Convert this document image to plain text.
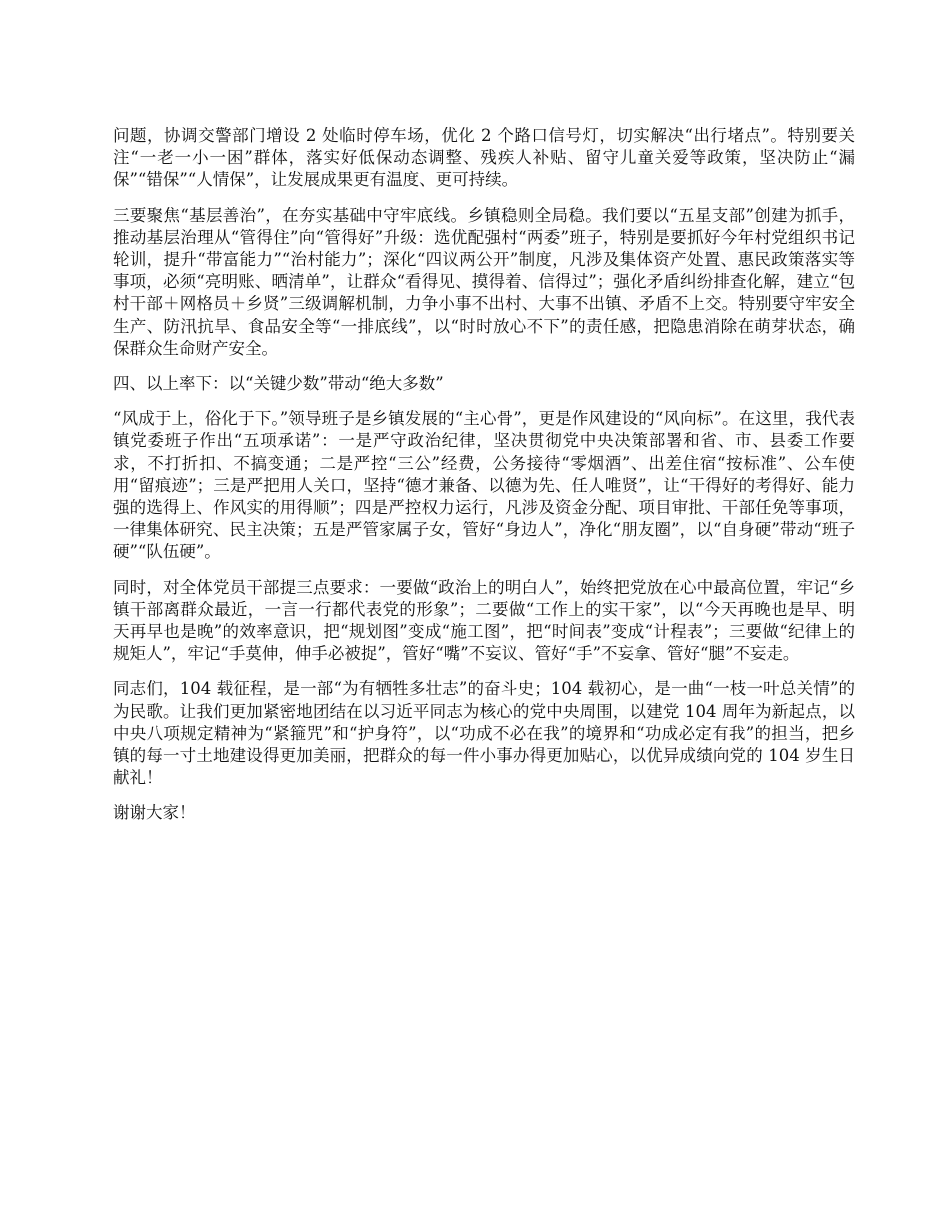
问题，协调交警部门增设 2 处临时停车场，优化 2 个路口信号灯，切实解决“出行堵点”。特别要关注“一老一小一困”群体，落实好低保动态调整、残疾人补贴、留守儿童关爱等政策，坚决防止“漏保”“错保”“人情保”，让发展成果更有温度、更可持续。

三要聚焦“基层善治”，在夯实基础中守牢底线。乡镇稳则全局稳。我们要以“五星支部”创建为抓手，推动基层治理从“管得住”向“管得好”升级：选优配强村“两委”班子，特别是要抓好今年村党组织书记轮训，提升“带富能力”“治村能力”；深化“四议两公开”制度，凡涉及集体资产处置、惠民政策落实等事项，必须“亮明账、晒清单”，让群众“看得见、摸得着、信得过”；强化矛盾纠纷排查化解，建立“包村干部＋网格员＋乡贤”三级调解机制，力争小事不出村、大事不出镇、矛盾不上交。特别要守牢安全生产、防汛抗旱、食品安全等“一排底线”，以“时时放心不下”的责任感，把隐患消除在萌芽状态，确保群众生命财产安全。

四、以上率下：以“关键少数”带动“绝大多数”

“风成于上，俗化于下。”领导班子是乡镇发展的“主心骨”，更是作风建设的“风向标”。在这里，我代表镇党委班子作出“五项承诺”：一是严守政治纪律，坚决贯彻党中央决策部署和省、市、县委工作要求，不打折扣、不搞变通；二是严控“三公”经费，公务接待“零烟酒”、出差住宿“按标准”、公车使用“留痕迹”；三是严把用人关口，坚持“德才兼备、以德为先、任人唯贤”，让“干得好的考得好、能力强的选得上、作风实的用得顺”；四是严控权力运行，凡涉及资金分配、项目审批、干部任免等事项，一律集体研究、民主决策；五是严管家属子女，管好“身边人”，净化“朋友圈”，以“自身硬”带动“班子硬”“队伍硬”。

同时，对全体党员干部提三点要求：一要做“政治上的明白人”，始终把党放在心中最高位置，牢记“乡镇干部离群众最近，一言一行都代表党的形象”；二要做“工作上的实干家”，以“今天再晚也是早、明天再早也是晚”的效率意识，把“规划图”变成“施工图”，把“时间表”变成“计程表”；三要做“纪律上的规矩人”，牢记“手莫伸，伸手必被捉”，管好“嘴”不妄议、管好“手”不妄拿、管好“腿”不妄走。

同志们，104 载征程，是一部“为有牺牲多壮志”的奋斗史；104 载初心，是一曲“一枝一叶总关情”的为民歌。让我们更加紧密地团结在以习近平同志为核心的党中央周围，以建党 104 周年为新起点，以中央八项规定精神为“紧箍咒”和“护身符”，以“功成不必在我”的境界和“功成必定有我”的担当，把乡镇的每一寸土地建设得更加美丽，把群众的每一件小事办得更加贴心，以优异成绩向党的 104 岁生日献礼！

谢谢大家！
